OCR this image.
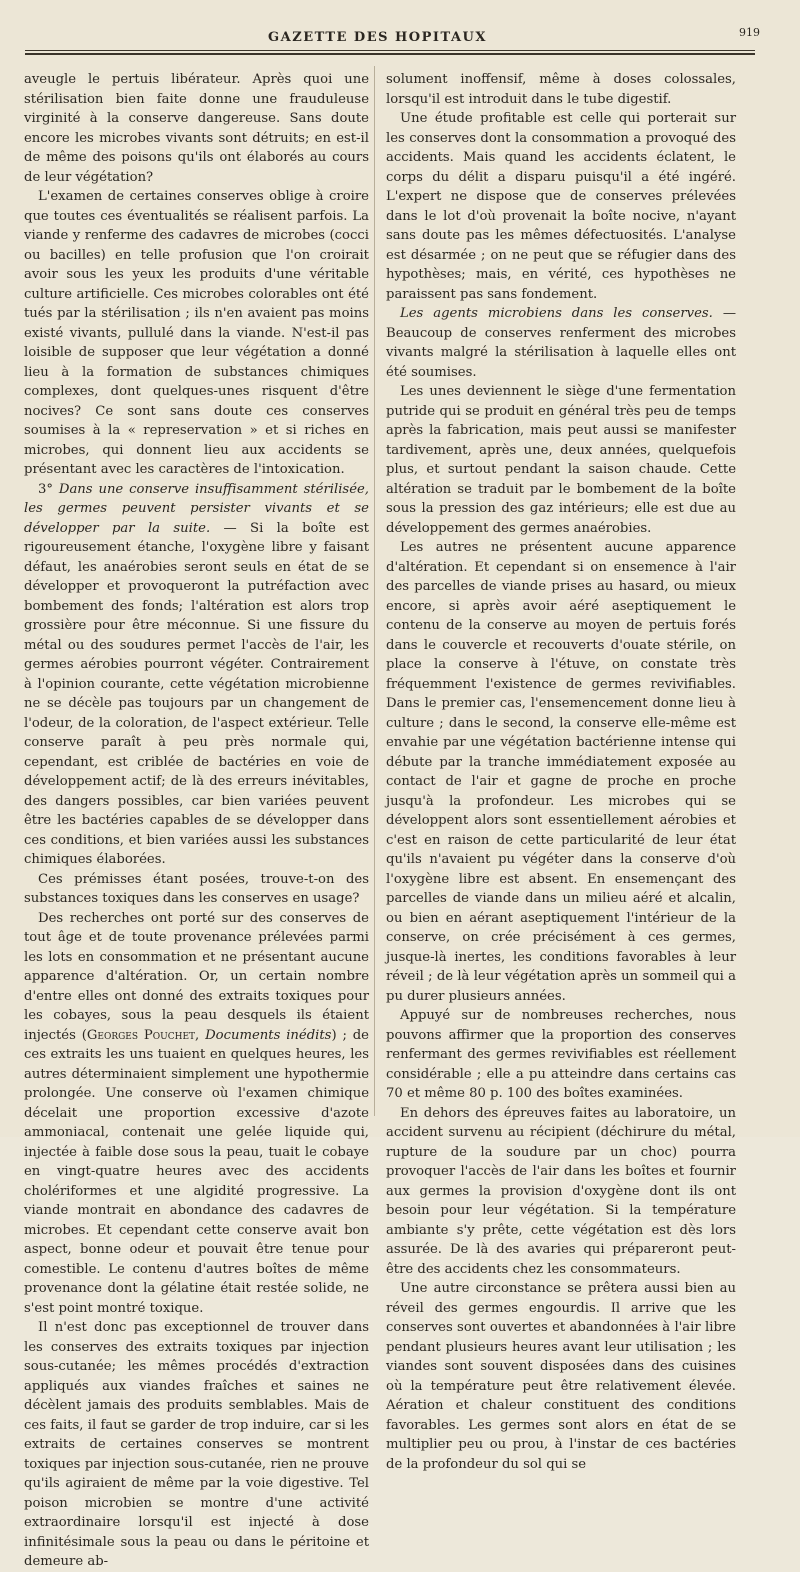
GAZETTE DES HOPITAUX	919

aveugle le pertuis libérateur. Après quoi une stérilisation bien faite donne une frauduleuse virginité à la conserve dangereuse. Sans doute encore les microbes vivants sont détruits; en est-il de même des poisons qu'ils ont élaborés au cours de leur végétation?

L'examen de certaines conserves oblige à croire que toutes ces éventualités se réalisent parfois. La viande y renferme des cadavres de microbes (cocci ou bacilles) en telle profusion que l'on croirait avoir sous les yeux les produits d'une véritable culture artificielle. Ces microbes colorables ont été tués par la stérilisation ; ils n'en avaient pas moins existé vivants, pullulé dans la viande. N'est-il pas loisible de supposer que leur végétation a donné lieu à la formation de substances chimiques complexes, dont quelques-unes risquent d'être nocives? Ce sont sans doute ces conserves soumises à la « represervation » et si riches en microbes, qui donnent lieu aux accidents se présentant avec les caractères de l'intoxication.

3° Dans une conserve insuffisamment stérilisée, les germes peuvent persister vivants et se développer par la suite. — Si la boîte est rigoureusement étanche, l'oxygène libre y faisant défaut, les anaérobies seront seuls en état de se développer et provoqueront la putréfaction avec bombement des fonds; l'altération est alors trop grossière pour être méconnue. Si une fissure du métal ou des soudures permet l'accès de l'air, les germes aérobies pourront végéter. Contrairement à l'opinion courante, cette végétation microbienne ne se décèle pas toujours par un changement de l'odeur, de la coloration, de l'aspect extérieur. Telle conserve paraît à peu près normale qui, cependant, est criblée de bactéries en voie de développement actif; de là des erreurs inévitables, des dangers possibles, car bien variées peuvent être les bactéries capables de se développer dans ces conditions, et bien variées aussi les substances chimiques élaborées.

Ces prémisses étant posées, trouve-t-on des substances toxiques dans les conserves en usage?

Des recherches ont porté sur des conserves de tout âge et de toute provenance prélevées parmi les lots en consommation et ne présentant aucune apparence d'altération. Or, un certain nombre d'entre elles ont donné des extraits toxiques pour les cobayes, sous la peau desquels ils étaient injectés (Georges Pouchet, Documents inédits) ; de ces extraits les uns tuaient en quelques heures, les autres déterminaient simplement une hypothermie prolongée. Une conserve où l'examen chimique décelait une proportion excessive d'azote ammoniacal, contenait une gelée liquide qui, injectée à faible dose sous la peau, tuait le cobaye en vingt-quatre heures avec des accidents cholériformes et une algidité progressive. La viande montrait en abondance des cadavres de microbes. Et cependant cette conserve avait bon aspect, bonne odeur et pouvait être tenue pour comestible. Le contenu d'autres boîtes de même provenance dont la gélatine était restée solide, ne s'est point montré toxique.

Il n'est donc pas exceptionnel de trouver dans les conserves des extraits toxiques par injection sous-cutanée; les mêmes procédés d'extraction appliqués aux viandes fraîches et saines ne décèlent jamais des produits semblables. Mais de ces faits, il faut se garder de trop induire, car si les extraits de certaines conserves se montrent toxiques par injection sous-cutanée, rien ne prouve qu'ils agiraient de même par la voie digestive. Tel poison microbien se montre d'une activité extraordinaire lorsqu'il est injecté à dose infinitésimale sous la peau ou dans le péritoine et demeure ab-

solument inoffensif, même à doses colossales, lorsqu'il est introduit dans le tube digestif.

Une étude profitable est celle qui porterait sur les conserves dont la consommation a provoqué des accidents. Mais quand les accidents éclatent, le corps du délit a disparu puisqu'il a été ingéré. L'expert ne dispose que de conserves prélevées dans le lot d'où provenait la boîte nocive, n'ayant sans doute pas les mêmes défectuosités. L'analyse est désarmée ; on ne peut que se réfugier dans des hypothèses; mais, en vérité, ces hypothèses ne paraissent pas sans fondement.

Les agents microbiens dans les conserves. — Beaucoup de conserves renferment des microbes vivants malgré la stérilisation à laquelle elles ont été soumises.

Les unes deviennent le siège d'une fermentation putride qui se produit en général très peu de temps après la fabrication, mais peut aussi se manifester tardivement, après une, deux années, quelquefois plus, et surtout pendant la saison chaude. Cette altération se traduit par le bombement de la boîte sous la pression des gaz intérieurs; elle est due au développement des germes anaérobies.

Les autres ne présentent aucune apparence d'altération. Et cependant si on ensemence à l'air des parcelles de viande prises au hasard, ou mieux encore, si après avoir aéré aseptiquement le contenu de la conserve au moyen de pertuis forés dans le couvercle et recouverts d'ouate stérile, on place la conserve à l'étuve, on constate très fréquemment l'existence de germes revivifiables. Dans le premier cas, l'ensemencement donne lieu à culture ; dans le second, la conserve elle-même est envahie par une végétation bactérienne intense qui débute par la tranche immédiatement exposée au contact de l'air et gagne de proche en proche jusqu'à la profondeur. Les microbes qui se développent alors sont essentiellement aérobies et c'est en raison de cette particularité de leur état qu'ils n'avaient pu végéter dans la conserve d'où l'oxygène libre est absent. En ensemençant des parcelles de viande dans un milieu aéré et alcalin, ou bien en aérant aseptiquement l'intérieur de la conserve, on crée précisément à ces germes, jusque-là inertes, les conditions favorables à leur réveil ; de là leur végétation après un sommeil qui a pu durer plusieurs années.

Appuyé sur de nombreuses recherches, nous pouvons affirmer que la proportion des conserves renfermant des germes revivifiables est réellement considérable ; elle a pu atteindre dans certains cas 70 et même 80 p. 100 des boîtes examinées.

En dehors des épreuves faites au laboratoire, un accident survenu au récipient (déchirure du métal, rupture de la soudure par un choc) pourra provoquer l'accès de l'air dans les boîtes et fournir aux germes la provision d'oxygène dont ils ont besoin pour leur végétation. Si la température ambiante s'y prête, cette végétation est dès lors assurée. De là des avaries qui prépareront peut-être des accidents chez les consommateurs.

Une autre circonstance se prêtera aussi bien au réveil des germes engourdis. Il arrive que les conserves sont ouvertes et abandonnées à l'air libre pendant plusieurs heures avant leur utilisation ; les viandes sont souvent disposées dans des cuisines où la température peut être relativement élevée. Aération et chaleur constituent des conditions favorables. Les germes sont alors en état de se multiplier peu ou prou, à l'instar de ces bactéries de la profondeur du sol qui se
